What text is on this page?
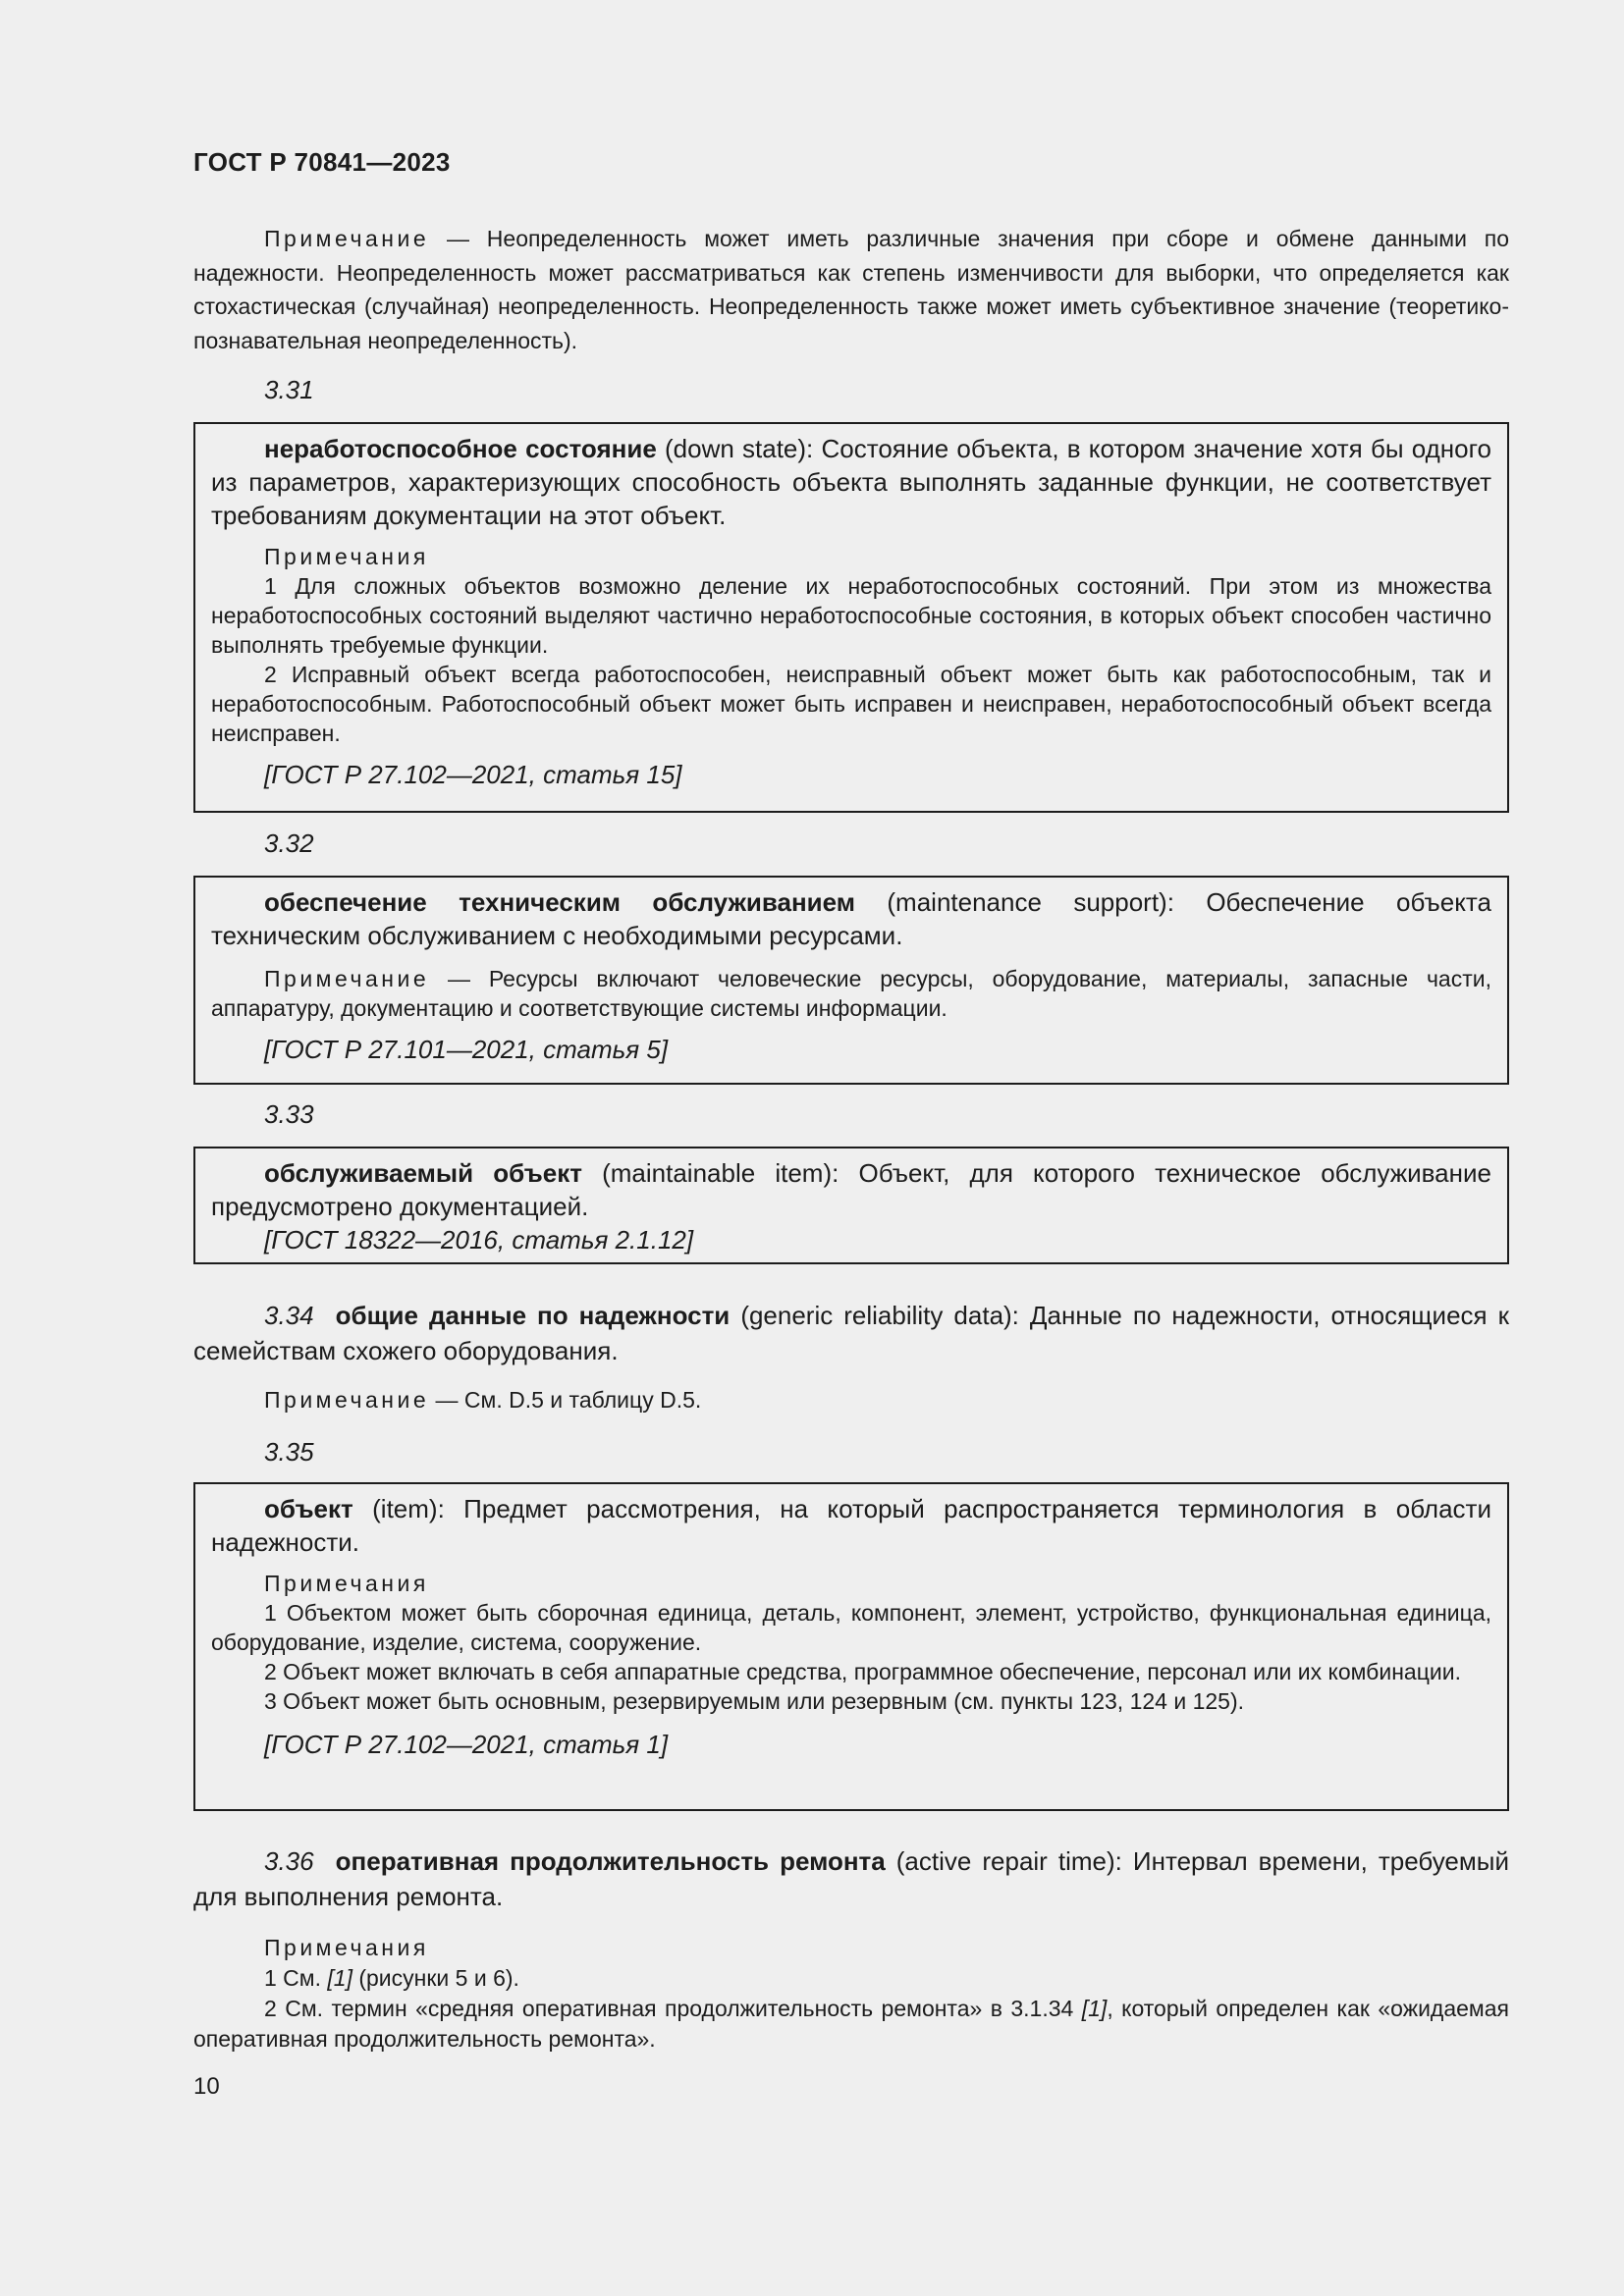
ГОСТ Р 70841—2023

Примечание — Неопределенность может иметь различные значения при сборе и обмене данными по надежности. Неопределенность может рассматриваться как степень изменчивости для выборки, что определяется как стохастическая (случайная) неопределенность. Неопределенность также может иметь субъективное значение (теоретико-познавательная неопределенность).

3.31

неработоспособное состояние (down state): Состояние объекта, в котором значение хотя бы одного из параметров, характеризующих способность объекта выполнять заданные функции, не соответствует требованиям документации на этот объект.

Примечания

1 Для сложных объектов возможно деление их неработоспособных состояний. При этом из множества неработоспособных состояний выделяют частично неработоспособные состояния, в которых объект способен частично выполнять требуемые функции.

2 Исправный объект всегда работоспособен, неисправный объект может быть как работоспособным, так и неработоспособным. Работоспособный объект может быть исправен и неисправен, неработоспособный объект всегда неисправен.

[ГОСТ Р 27.102—2021, статья 15]

3.32

обеспечение техническим обслуживанием (maintenance support): Обеспечение объекта техническим обслуживанием с необходимыми ресурсами.

Примечание — Ресурсы включают человеческие ресурсы, оборудование, материалы, запасные части, аппаратуру, документацию и соответствующие системы информации.

[ГОСТ Р 27.101—2021, статья 5]

3.33

обслуживаемый объект (maintainable item): Объект, для которого техническое обслуживание предусмотрено документацией.

[ГОСТ 18322—2016, статья 2.1.12]

3.34 общие данные по надежности (generic reliability data): Данные по надежности, относящиеся к семействам схожего оборудования.

Примечание — См. D.5 и таблицу D.5.

3.35

объект (item): Предмет рассмотрения, на который распространяется терминология в области надежности.

Примечания

1 Объектом может быть сборочная единица, деталь, компонент, элемент, устройство, функциональная единица, оборудование, изделие, система, сооружение.

2 Объект может включать в себя аппаратные средства, программное обеспечение, персонал или их комбинации.

3 Объект может быть основным, резервируемым или резервным (см. пункты 123, 124 и 125).

[ГОСТ Р 27.102—2021, статья 1]

3.36 оперативная продолжительность ремонта (active repair time): Интервал времени, требуемый для выполнения ремонта.

Примечания

1 См. [1] (рисунки 5 и 6).

2 См. термин «средняя оперативная продолжительность ремонта» в 3.1.34 [1], который определен как «ожидаемая оперативная продолжительность ремонта».

10
